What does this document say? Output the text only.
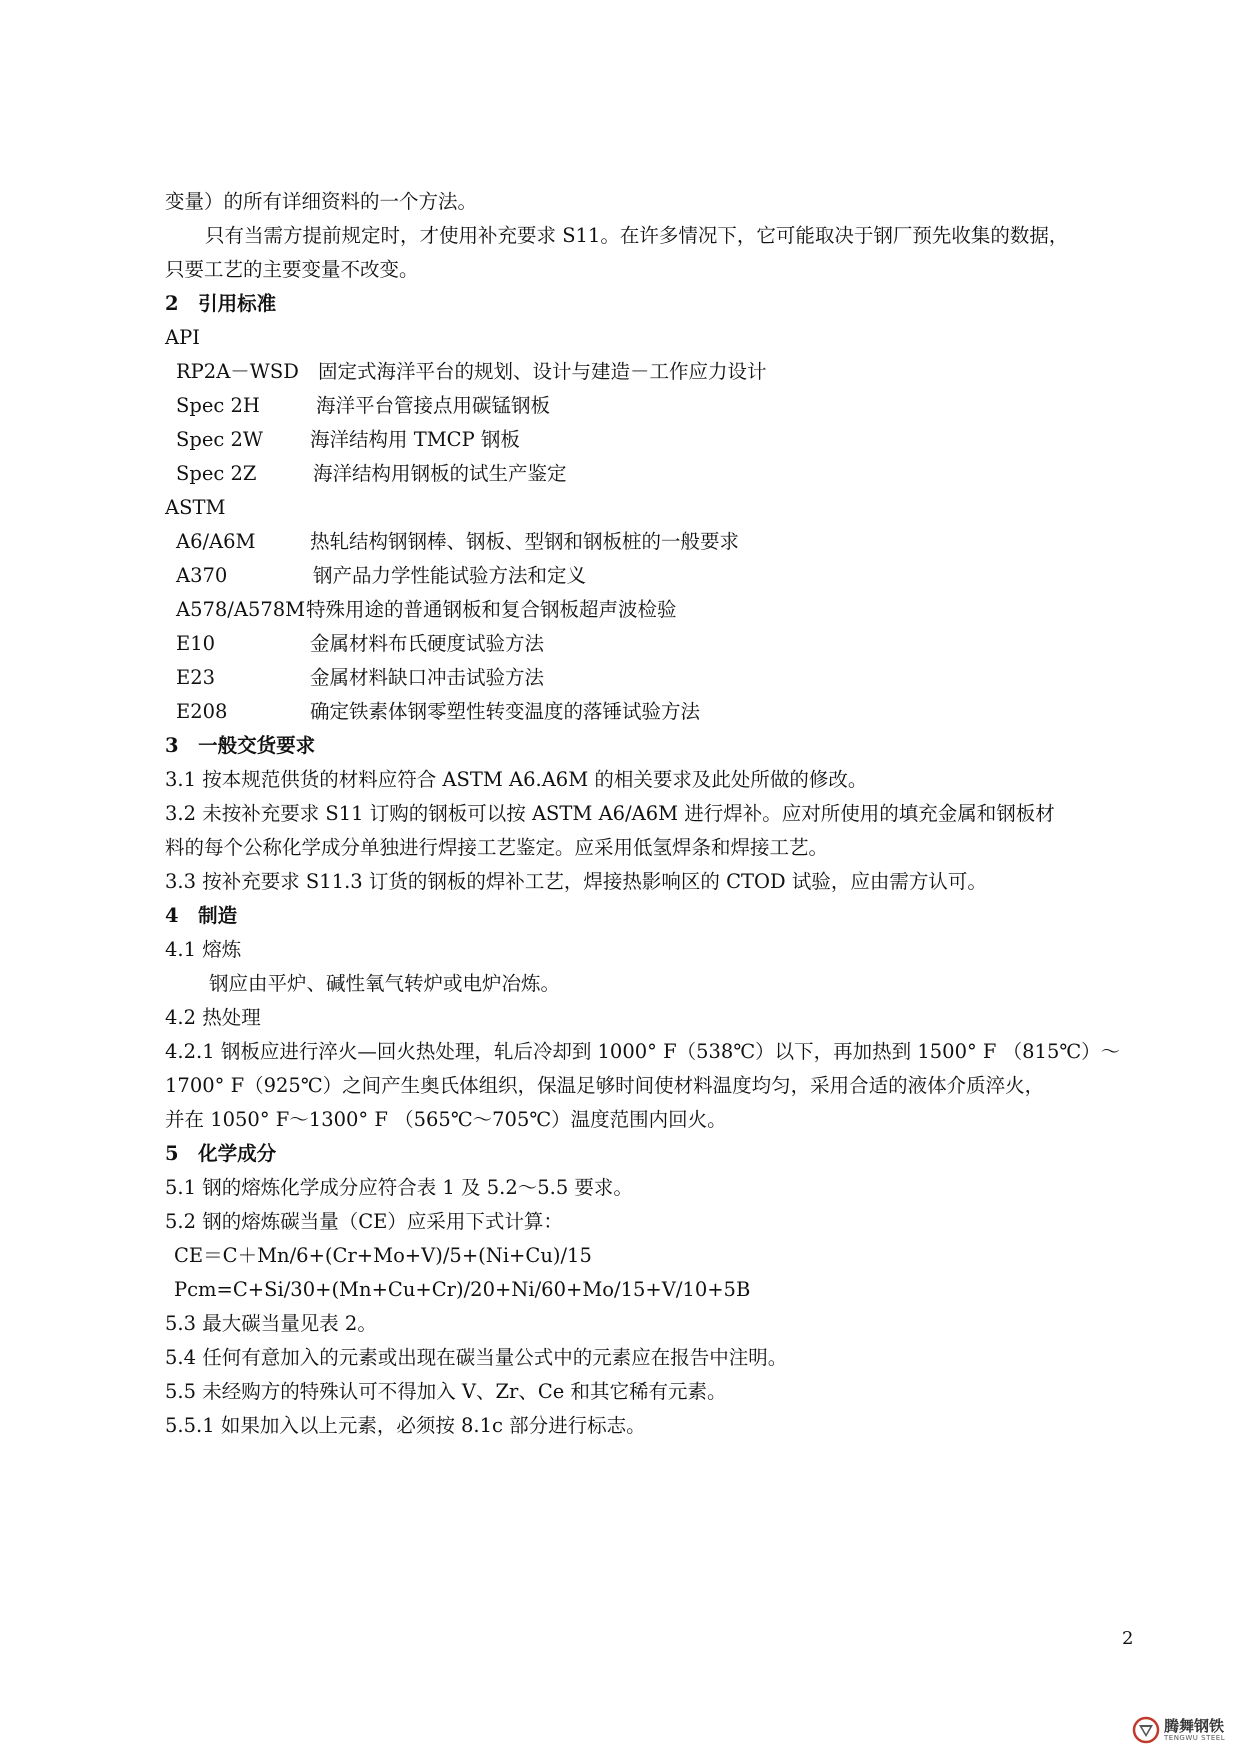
变量）的所有详细资料的一个方法。
只有当需方提前规定时，才使用补充要求 S11。在许多情况下，它可能取决于钢厂预先收集的数据，
只要工艺的主要变量不改变。
2　引用标准
API
RP2A－WSD 固定式海洋平台的规划、设计与建造－工作应力设计
Spec 2H	海洋平台管接点用碳锰钢板
Spec 2W 海洋结构用 TMCP 钢板
Spec 2Z	海洋结构用钢板的试生产鉴定
ASTM
A6/A6M	热轧结构钢钢棒、钢板、型钢和钢板桩的一般要求
A370	钢产品力学性能试验方法和定义
A578/A578M 特殊用途的普通钢板和复合钢板超声波检验
E10	金属材料布氏硬度试验方法
E23	金属材料缺口冲击试验方法
E208	确定铁素体钢零塑性转变温度的落锤试验方法
3　一般交货要求
3.1 按本规范供货的材料应符合 ASTM A6.A6M 的相关要求及此处所做的修改。
3.2 未按补充要求 S11 订购的钢板可以按 ASTM A6/A6M 进行焊补。应对所使用的填充金属和钢板材
料的每个公称化学成分单独进行焊接工艺鉴定。应采用低氢焊条和焊接工艺。
3.3 按补充要求 S11.3 订货的钢板的焊补工艺，焊接热影响区的 CTOD 试验，应由需方认可。
4　制造
4.1 熔炼
钢应由平炉、碱性氧气转炉或电炉冶炼。
4.2 热处理
4.2.1 钢板应进行淬火—回火热处理，轧后冷却到 1000° F（538℃）以下，再加热到 1500° F （815℃）～
1700° F（925℃）之间产生奥氏体组织，保温足够时间使材料温度均匀，采用合适的液体介质淬火，
并在 1050° F～1300° F （565℃～705℃）温度范围内回火。
5　化学成分
5.1 钢的熔炼化学成分应符合表 1 及 5.2～5.5 要求。
5.2 钢的熔炼碳当量（CE）应采用下式计算：
CE＝C＋Mn/6+(Cr+Mo+V)/5+(Ni+Cu)/15
Pcm=C+Si/30+(Mn+Cu+Cr)/20+Ni/60+Mo/15+V/10+5B
5.3 最大碳当量见表 2。
5.4 任何有意加入的元素或出现在碳当量公式中的元素应在报告中注明。
5.5 未经购方的特殊认可不得加入 V、Zr、Ce 和其它稀有元素。
5.5.1 如果加入以上元素，必须按 8.1c 部分进行标志。
2
腾舞钢铁
TENGWU STEEL
